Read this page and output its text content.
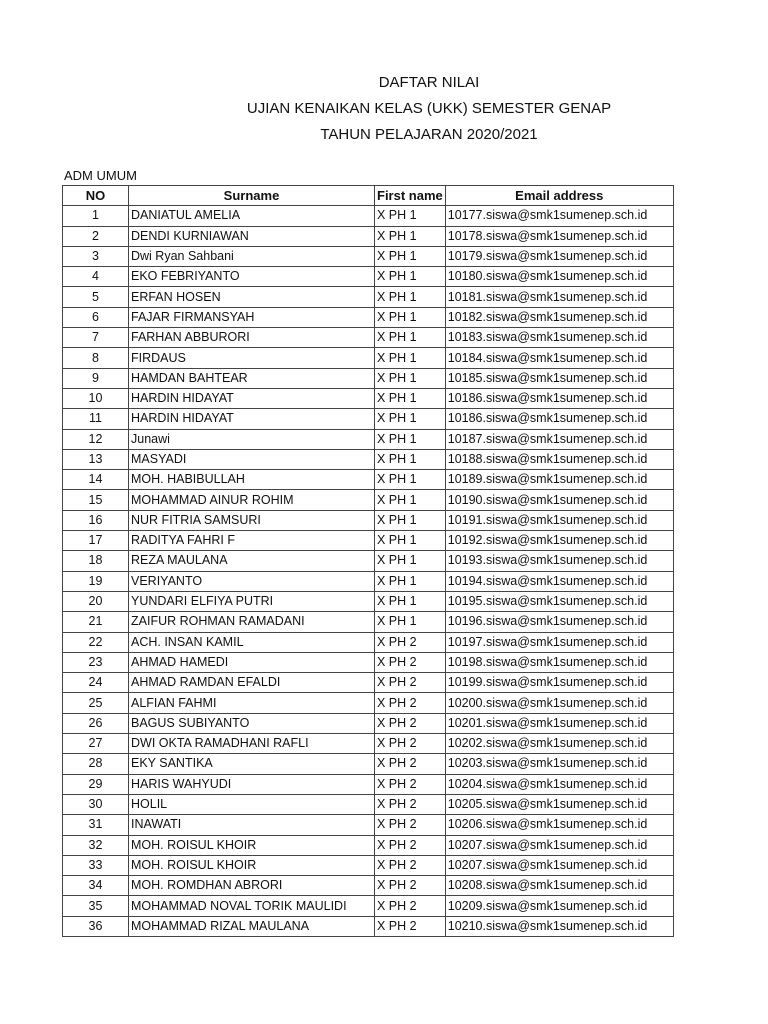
DAFTAR NILAI
UJIAN KENAIKAN KELAS (UKK) SEMESTER GENAP
TAHUN PELAJARAN 2020/2021
ADM UMUM
NO	Surname	First name	Email address
1	DANIATUL AMELIA	X PH 1	10177.siswa@smk1sumenep.sch.id
2	DENDI KURNIAWAN	X PH 1	10178.siswa@smk1sumenep.sch.id
3	Dwi Ryan Sahbani	X PH 1	10179.siswa@smk1sumenep.sch.id
4	EKO FEBRIYANTO	X PH 1	10180.siswa@smk1sumenep.sch.id
5	ERFAN HOSEN	X PH 1	10181.siswa@smk1sumenep.sch.id
6	FAJAR FIRMANSYAH	X PH 1	10182.siswa@smk1sumenep.sch.id
7	FARHAN ABBURORI	X PH 1	10183.siswa@smk1sumenep.sch.id
8	FIRDAUS	X PH 1	10184.siswa@smk1sumenep.sch.id
9	HAMDAN BAHTEAR	X PH 1	10185.siswa@smk1sumenep.sch.id
10	HARDIN HIDAYAT	X PH 1	10186.siswa@smk1sumenep.sch.id
11	HARDIN HIDAYAT	X PH 1	10186.siswa@smk1sumenep.sch.id
12	Junawi	X PH 1	10187.siswa@smk1sumenep.sch.id
13	MASYADI	X PH 1	10188.siswa@smk1sumenep.sch.id
14	MOH. HABIBULLAH	X PH 1	10189.siswa@smk1sumenep.sch.id
15	MOHAMMAD AINUR ROHIM	X PH 1	10190.siswa@smk1sumenep.sch.id
16	NUR FITRIA SAMSURI	X PH 1	10191.siswa@smk1sumenep.sch.id
17	RADITYA FAHRI F	X PH 1	10192.siswa@smk1sumenep.sch.id
18	REZA MAULANA	X PH 1	10193.siswa@smk1sumenep.sch.id
19	VERIYANTO	X PH 1	10194.siswa@smk1sumenep.sch.id
20	YUNDARI ELFIYA PUTRI	X PH 1	10195.siswa@smk1sumenep.sch.id
21	ZAIFUR ROHMAN RAMADANI	X PH 1	10196.siswa@smk1sumenep.sch.id
22	ACH. INSAN KAMIL	X PH 2	10197.siswa@smk1sumenep.sch.id
23	AHMAD HAMEDI	X PH 2	10198.siswa@smk1sumenep.sch.id
24	AHMAD RAMDAN EFALDI	X PH 2	10199.siswa@smk1sumenep.sch.id
25	ALFIAN FAHMI	X PH 2	10200.siswa@smk1sumenep.sch.id
26	BAGUS SUBIYANTO	X PH 2	10201.siswa@smk1sumenep.sch.id
27	DWI OKTA RAMADHANI RAFLI	X PH 2	10202.siswa@smk1sumenep.sch.id
28	EKY SANTIKA	X PH 2	10203.siswa@smk1sumenep.sch.id
29	HARIS WAHYUDI	X PH 2	10204.siswa@smk1sumenep.sch.id
30	HOLIL	X PH 2	10205.siswa@smk1sumenep.sch.id
31	INAWATI	X PH 2	10206.siswa@smk1sumenep.sch.id
32	MOH. ROISUL KHOIR	X PH 2	10207.siswa@smk1sumenep.sch.id
33	MOH. ROISUL KHOIR	X PH 2	10207.siswa@smk1sumenep.sch.id
34	MOH. ROMDHAN ABRORI	X PH 2	10208.siswa@smk1sumenep.sch.id
35	MOHAMMAD NOVAL TORIK MAULIDI	X PH 2	10209.siswa@smk1sumenep.sch.id
36	MOHAMMAD RIZAL MAULANA	X PH 2	10210.siswa@smk1sumenep.sch.id
